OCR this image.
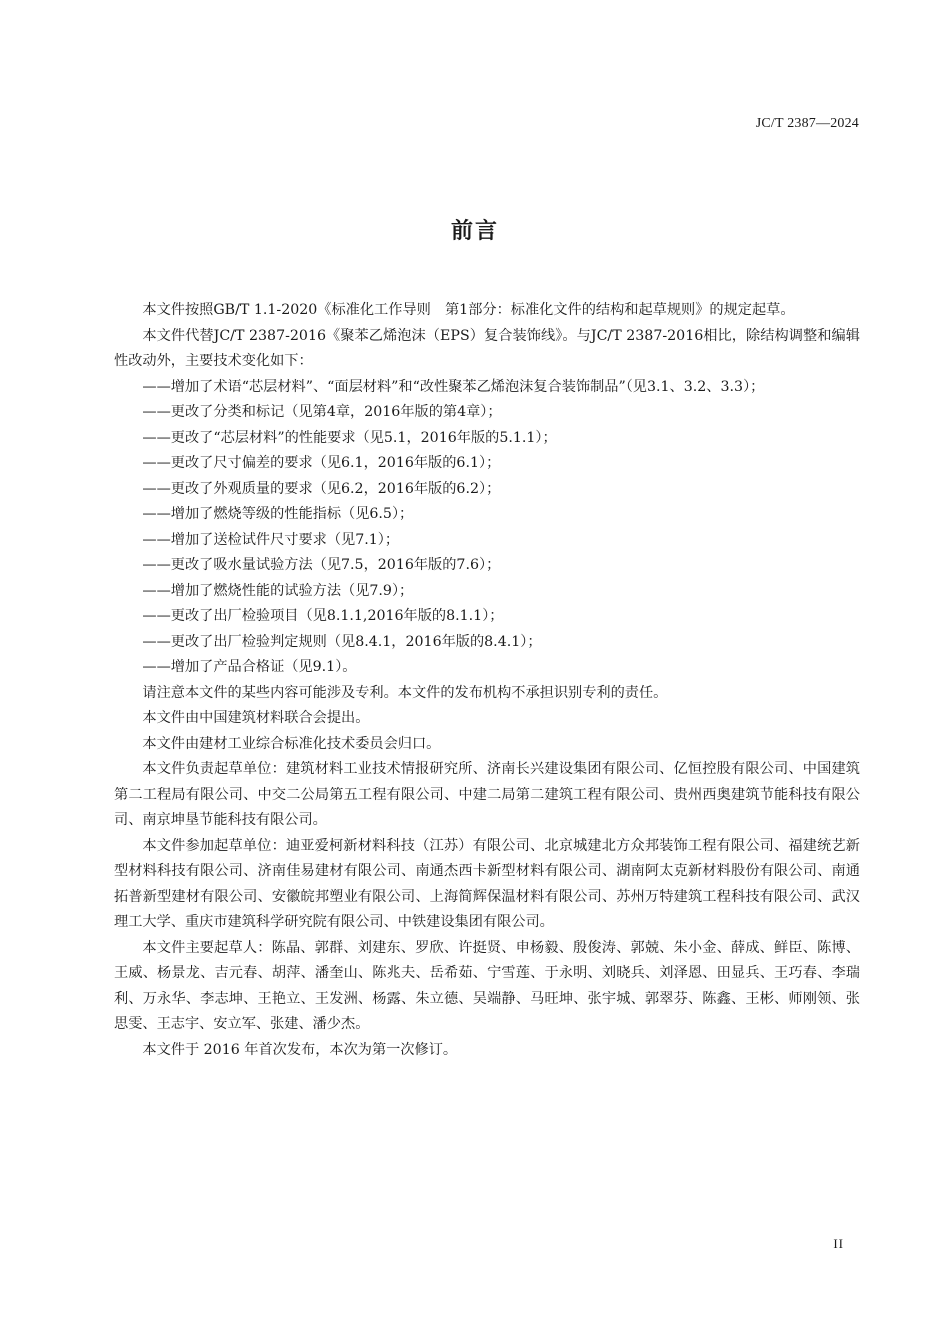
JC/T 2387—2024
前言

本文件按照GB/T 1.1-2020《标准化工作导则　第1部分：标准化文件的结构和起草规则》的规定起草。

本文件代替JC/T 2387-2016《聚苯乙烯泡沫（EPS）复合装饰线》。与JC/T 2387-2016相比，除结构调整和编辑性改动外，主要技术变化如下：

——增加了术语“芯层材料”、“面层材料”和“改性聚苯乙烯泡沫复合装饰制品”（见3.1、3.2、3.3）；
——更改了分类和标记（见第4章，2016年版的第4章）；
——更改了“芯层材料”的性能要求（见5.1，2016年版的5.1.1）；
——更改了尺寸偏差的要求（见6.1，2016年版的6.1）；
——更改了外观质量的要求（见6.2，2016年版的6.2）；
——增加了燃烧等级的性能指标（见6.5）；
——增加了送检试件尺寸要求（见7.1）；
——更改了吸水量试验方法（见7.5，2016年版的7.6）；
——增加了燃烧性能的试验方法（见7.9）；
——更改了出厂检验项目（见8.1.1,2016年版的8.1.1）；
——更改了出厂检验判定规则（见8.4.1，2016年版的8.4.1）；
——增加了产品合格证（见9.1）。

请注意本文件的某些内容可能涉及专利。本文件的发布机构不承担识别专利的责任。

本文件由中国建筑材料联合会提出。

本文件由建材工业综合标准化技术委员会归口。

本文件负责起草单位：建筑材料工业技术情报研究所、济南长兴建设集团有限公司、亿恒控股有限公司、中国建筑第二工程局有限公司、中交二公局第五工程有限公司、中建二局第二建筑工程有限公司、贵州西奥建筑节能科技有限公司、南京坤垦节能科技有限公司。

本文件参加起草单位：迪亚爱柯新材料科技（江苏）有限公司、北京城建北方众邦装饰工程有限公司、福建统艺新型材料科技有限公司、济南佳易建材有限公司、南通杰西卡新型材料有限公司、湖南阿太克新材料股份有限公司、南通拓普新型建材有限公司、安徽皖邦塑业有限公司、上海简辉保温材料有限公司、苏州万特建筑工程科技有限公司、武汉理工大学、重庆市建筑科学研究院有限公司、中铁建设集团有限公司。

本文件主要起草人：陈晶、郭群、刘建东、罗欣、许挺贤、申杨毅、殷俊涛、郭兢、朱小金、薛成、鲜臣、陈博、王威、杨景龙、吉元春、胡萍、潘奎山、陈兆夫、岳希茹、宁雪莲、于永明、刘晓兵、刘泽恩、田显兵、王巧春、李瑞利、万永华、李志坤、王艳立、王发洲、杨露、朱立德、吴端静、马旺坤、张宇城、郭翠芬、陈鑫、王彬、师刚领、张思雯、王志宇、安立军、张建、潘少杰。

本文件于 2016 年首次发布，本次为第一次修订。

II
